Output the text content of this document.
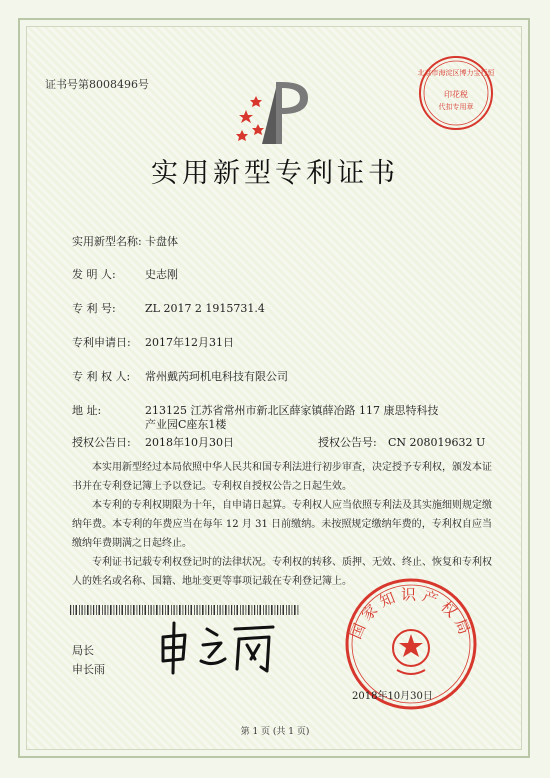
证书号第8008496号
北京市海淀区博力宝行恒
印花税
代扣专用章
实用新型专利证书
实用新型名称: 卡盘体
发 明 人:	史志刚
专 利 号:	ZL 2017 2 1915731.4
专利申请日: 2017年12月31日
专 利 权 人: 常州戴芮珂机电科技有限公司
地 址:	213125 江苏省常州市新北区薛家镇薛冶路 117 康思特科技
产业园C座东1楼
授权公告日: 2018年10月30日	授权公告号: CN 208019632 U
本实用新型经过本局依照中华人民共和国专利法进行初步审查，决定授予专利权，颁发本证书并在专利登记簿上予以登记。专利权自授权公告之日起生效。
本专利的专利权期限为十年，自申请日起算。专利权人应当依照专利法及其实施细则规定缴纳年费。本专利的年费应当在每年 12 月 31 日前缴纳。未按照规定缴纳年费的，专利权自应当缴纳年费期满之日起终止。
专利证书记载专利权登记时的法律状况。专利权的转移、质押、无效、终止、恢复和专利权人的姓名或名称、国籍、地址变更等事项记载在专利登记簿上。
局长
申长雨
国家知识产权局
2018年10月30日
第 1 页 (共 1 页)
